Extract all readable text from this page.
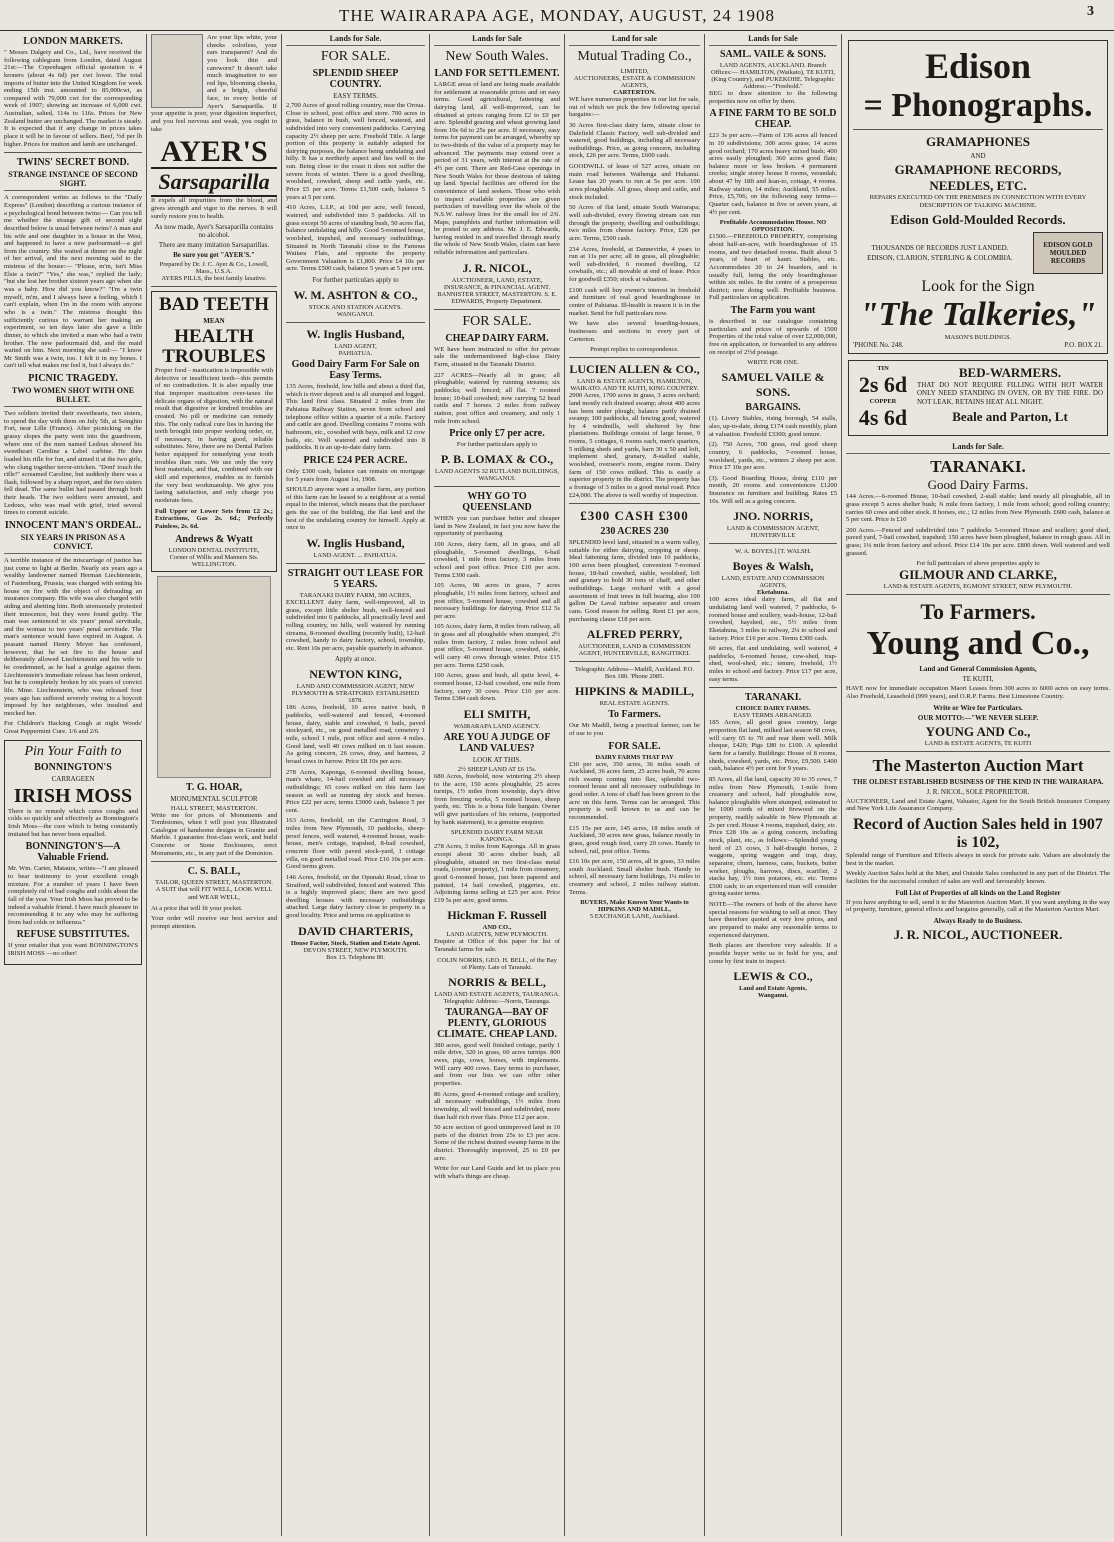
THE WAIRARAPA AGE, MONDAY, AUGUST, 24 1908	3
LONDON MARKETS.

" Messrs Dalgety and Co., Ltd., have received the following cablegram from London, dated August 21st:—The Copenhagen official quotation is 4 kroners (about 4s 6d) per cwt lower. The total imports of butter into the United Kingdom for week ending 15th inst. amounted to 85,000cwt, as compared with 79,000 cwt for the corresponding week of 1907; showing an increase of 6,000 cwt. Australian, salted, 114s to 116s. Prices for New Zealand butter are unchanged. The market is steady. It is expected that if any change in prices takes place it will be in favour of sellers. Beef, ½d per lb higher. Prices for mutton and lamb are unchanged.

TWINS' SECRET BOND.
STRANGE INSTANCE OF SECOND SIGHT.

A correspondent writes as follows to the "Daily Express" (London) describing a curious instance of a psychological bond between twins:— Can you tell me whether the strange gift of second sight described below is usual between twins? A man and his wife and one daughter in a house in the West, and happened to have a new parlourmaid—a girl from the country. She waited at dinner on the night of her arrival, and the next morning said to the mistress of the house:— "Please, m'm, isn't Miss Elsie a twin?" "Yes," she was," replied the lady; "but she lost her brother sixteen years ago when she was a baby. How did you know?" "I'm a twin myself, m'm, and I always have a feeling, which I can't explain, when I'm in the room with anyone who is a twin." The mistress thought this sufficiently curious to warrant her making an experiment, so ten days later she gave a little dinner, to which she invited a man who had a twin brother. The new parlourmaid did, and the maid waited on him. Next morning she said:— "I know Mr Smith was a twin, too. I felt it in my bones. I can't tell what makes me feel it, but I always do."

PICNIC TRAGEDY.
TWO WOMEN SHOT WITH ONE BULLET.

Two soldiers invited their sweethearts, two sisters, to spend the day with them on July 5th, at Seinghin Fort, near Lille (France). After picnicking on the grassy slopes the party went into the guardroom, where one of the men named Ledoux showed his sweetheart Caroline a Lebel carbine. He then loaded his rifle for fun, and aimed it at the two girls, who clung together terror-stricken. "Dont' touch the rifle!" screamed Caroline, but suddenly there was a flash, followed by a sharp report, and the two sisters fell dead. The same bullet had passed through both their heads. The two soldiers were arrested, and Ledoux, who was mad with grief, tried several times to commit suicide.

INNOCENT MAN'S ORDEAL.
SIX YEARS IN PRISON AS A CONVICT.

A terrible instance of the miscarriage of justice has just come to light at Berlin. Nearly six years ago a wealthy landowner named Herman Liechtenstein, of Fastenburg, Prussia, was charged with setting his house on fire with the object of defrauding an insurance company. His wife was also charged with aiding and abetting him. Both strenuously protested their innocence, but they were found guilty. The man was sentenced to six years' penal servitude, and the woman to two years' penal servitude. The man's sentence would have expired in August. A peasant named Henry Meyer has confessed, however, that he set fire to the house and deliberately allowed Liechtenstein and his wife to be condemned, as he had a grudge against them. Liechtenstein's immediate release has been ordered, but he is completely broken by six years of convict life. Mme. Liechtenstein, who was released four years ago has suffered severely owing to a boycott imposed by her neighbours, who insulted and mocked her.

For Children's Hacking Cough at night Woods' Great Peppermint Cure. 1/6 and 2/6.

Pin Your Faith to
BONNINGTON'S
CARRAGEEN
IRISH MOSS

There is no remedy which cures coughs and colds so quickly and effectively as Bonnington's Irish Moss—the cure which is being constantly imitated but has never been equalled.

BONNINGTON'S—A Valuable Friend.

Mr. Wm. Carter, Mataura, writes—"I am pleased to bear testimony to your excellent cough mixture. For a number of years I have been completely rid of bad coughs and colds about the fall of the year. Your Irish Moss has proved to be indeed a valuable friend. I have much pleasure in recommending it to any who may be suffering from bad colds or influenza."

REFUSE SUBSTITUTES.

If your retailer that you want BONNINGTON'S IRISH MOSS —no other!

Are your lips white, your cheeks colorless, your ears transparent? And do you look thin and careworn? It doesn't take much imagination to see red lips, blooming cheeks, and a bright, cheerful face, in every bottle of Ayer's Sarsaparilla. If your appetite is poor, your digestion imperfect, and you feel nervous and weak, you ought to take

AYER'S
Sarsaparilla

It expels all impurities from the blood, and gives strength and vigor to the nerves. It will surely restore you to health.

As now made, Ayer's Sarsaparilla contains no alcohol.
There are many imitation Sarsaparillas.
Be sure you get "AYER'S."
Prepared by Dr. J. C. Ayer & Co., Lowell, Mass., U.S.A.
AYERS PILLS, the best family laxative.
BAD TEETH
MEAN
HEALTH
TROUBLES

Proper food - mastication is impossible with defective or insufficient teeth—this permits of no contradiction. It is also equally true that improper mastication over-taxes the delicate organs of digestion, with the natural result that digestive or kindred troubles are created. No pill or medicine can remedy this. The only radical cure lies in having the teeth brought into proper working order, or, if necessary, in having good, reliable substitutes. Now, there are no Dental Parlors better equipped for remedying your tooth troubles than ours. We use only the very best materials, and that, combined with our skill and experience, enables us to furnish the very best workmanship. We give you lasting satisfaction, and only charge you moderate fees.

Full Upper or Lower Sets from £2 2s.; Extractions, Gas 2s. 6d.; Perfectly Painless, 2s. 6d.

Andrews & Wyatt
LONDON DENTAL INSTITUTE,
Corner of Willis and Manners Sts. WELLINGTON.
T. G. HOAR,
MONUMENTAL SCULPTOR
HALL STREET, MASTERTON.

Write me for prices of Monuments and Tombstones, when I will post you Illustrated Catalogue of handsome designs in Granite and Marble. I guarantee first-class work, and build Concrete or Stone Enclosures, erect Monuments, etc., in any part of the Dominion.

C. S. BALL,
TAILOR, QUEEN STREET, MASTERTON.

A SUIT that will FIT WELL, LOOK WELL and WEAR WELL,

At a price that will fit your pocket.

Your order will receive our best service and prompt attention.

Lands for Sale.
FOR SALE.
SPLENDID SHEEP COUNTRY.
EASY TERMS.

2,700 Acres of good rolling country, near the Oroua. Close to school, post office and store. 700 acres in grass, balance in bush, well fenced, watered, and subdivided into very convenient paddocks. Carrying capacity 2½ sheep per acre. Freehold Title. A large portion of this property is suitably adapted for dairying purposes, the balance being undulating and hilly. It has a northerly aspect and lies well to the sun. Being close to the coast it does not suffer the severe frosts of winter. There is a good dwelling, woolshed, cowshed, sheep and cattle yards, etc. Price £5 per acre. Terms £1,500 cash, balance 5 years at 5 per cent.

410 Acres, L.I.P., at 10d per acre, well fenced, watered, and subdivided into 5 paddocks. All in grass except 50 acres of standing bush, 50 acres flat, balance undulating and hilly. Good 5-roomed house, woolshed, trapshed, and necessary outbuildings. Situated in North Taranaki close to the Famous Waitara Flats, and opposite the property Government Valuation is £1,800. Price £4 10s per acre. Terms £500 cash, balance 5 years at 5 per cent.

For further particulars apply to
W. M. ASHTON & CO.,
STOCK AND STATION AGENTS.
WANGANUI.
W. Inglis Husband,
LAND AGENT,
PAHIATUA.
Good Dairy Farm For Sale on Easy Terms.

135 Acres, freehold, low hills and about a third flat, which is river deposit and is all stumped and logged. This land first class. Situated 2 miles from the Pahiatua Railway Station, seven from school and telephone office within a quarter of a mile. Factory and cattle are good. Dwelling contains 7 rooms with bathroom, etc., cowshed with bays, milk and 12 cow bails, etc. Well watered and subdivided into 8 paddocks. It is an up-to-date dairy farm.

PRICE £24 PER ACRE.

Only £300 cash, balance can remain on mortgage for 5 years from August 1st, 1908.

SHOULD anyone want a smaller farm, any portion of this farm can be leased to a neighbour at a rental equal to the interest, which means that the purchaser gets the use of the building, the flat land and the best of the undulating country for himself. Apply at once to

W. Inglis Husband,
LAND AGENT. ... PAHIATUA.
STRAIGHT OUT LEASE FOR 5 YEARS.
TARANAKI DAIRY FARM, 380 ACRES,

EXCELLENT dairy farm, well-improved, all in grass, except little shelter bush, well-fenced and subdivided into 6 paddocks, all practically level and rolling country, no hills, well watered by running streams, 8-roomed dwelling (recently built), 12-bail cowshed, handy to dairy factory, school, township, etc. Rent 10s per acre, payable quarterly in advance.

Apply at once.
NEWTON KING,
LAND AND COMMISSION AGENT, NEW PLYMOUTH & STRATFORD. ESTABLISHED 1878.

186 Acres, freehold, 10 acres native bush, 8 paddocks, well-watered and fenced, 4-roomed house, dairy, stable and cowshed, 6 bails, paved stockyard, etc., on good metalled road, cemetery 1 mile, school 1 mile, post office and store 4 miles. Good land, well 40 cows milked on it last season. As going concern, 26 cows, dray, and harness, 2 broad cows in furrow. Price £8 10s per acre.

278 Acres, Kaponga, 6-roomed dwelling house, man's whare, 14-bail cowshed and all necessary outbuildings; 65 cows milked on this farm last season as well as running dry stock and horses. Price £22 per acre, terms £3000 cash, balance 5 per cent.

163 Acres, freehold, on the Carrington Road, 3 miles from New Plymouth, 10 paddocks, sheep-proof fences, well watered, 4-roomed house, wash-house, men's cottage, trapshed, 8-bail cowshed, concrete floor with paved stock-yard, 1 cottage villa, on good metalled road. Price £16 10s per acre. Good terms given.

146 Acres, freehold, on the Opunaki Road, close to Stratford, well subdivided, fenced and watered. This is a highly improved place; there are two good dwelling houses with necessary outbuildings attached. Large dairy factory close to property in a good locality. Price and terms on application to

DAVID CHARTERIS,
House Factor, Stock, Station and Estate Agent.
DEVON STREET, NEW PLYMOUTH.
Box 13. Telephone 80.
Lands for Sale
New South Wales.
LAND FOR SETTLEMENT.

LARGE areas of land are being made available for settlement at reasonable prices and on easy terms. Good agricultural, fattening and dairying land, all well-improved, can be obtained at prices ranging from £2 to £9 per acre. Splendid grazing and wheat growing land from 10s 6d to 25s per acre. If necessary, easy terms for payment can be arranged, whereby up to two-thirds of the value of a property may be advanced. The payments may extend over a period of 31 years, with interest at the rate of 4½ per cent. There are Red-Case openings in New South Wales for those desirous of taking up land. Special facilities are offered for the convenience of land seekers. Those who wish to inspect available properties are given particulars of travelling over the whole of the N.S.W. railway lines for the small fee of 2/6. Maps, pamphlets and further information will be posted to any address. Mr. J. E. Edwards, having resided in and travelled through nearly the whole of New South Wales, claim can have reliable information and particulars.

J. R. NICOL,
AUCTIONEER, LAND, ESTATE, INSURANCE, & FINANCIAL AGENT.
BANNISTER STREET, MASTERTON. S. E. EDWARDS, Property Department.
FOR SALE.
CHEAP DAIRY FARM.

WE have been instructed to offer for private sale the undermentioned high-class Dairy Farm, situated in the Taranaki District.

227 ACRES—Nearly all in grass; all ploughable; watered by running streams; six paddocks; well fenced; all flat. 7 roomed house; 10-bail cowshed; now carrying 52 head cattle and 7 horses. 2 miles from railway station, post office and creamery, and only 1 mile from school.

Price only £7 per acre.
For further particulars apply to
P. B. LOMAX & CO.,
LAND AGENTS 32 RUTLAND BUILDINGS, WANGANUI.
WHY GO TO QUEENSLAND

WHEN you can purchase better and cheaper land in New Zealand, in fact you now have the opportunity of purchasing

100 Acres, dairy farm, all in grass, and all ploughable, 5-roomed dwellings, 6-bail cowshed, 1 mile from factory, 3 miles from school and post office. Price £10 per acre. Terms £300 cash.

105 Acres, 98 acres in grass, 7 acres ploughable, 1½ miles from factory, school and post office, 5-roomed house, cowshed and all necessary buildings for dairying. Price £12 5s per acre.

105 Acres, dairy farm, 8 miles from railway, all in grass and all ploughable when stumped, 2½ miles from factory, 2 miles from school and post office, 5-roomed house, cowshed, stable, will carry 40 cows through winter. Price £15 per acre. Terms £250 cash.

100 Acres, grass and bush, all quite level, 4-roomed house, 12-bail cowshed, one mile from factory, carry 30 cows. Price £10 per acre. Terms £384 cash down.

ELI SMITH,
WAIRARAPA LAND AGENCY.
ARE YOU A JUDGE OF LAND VALUES?
LOOK AT THIS.
2½ SHEEP LAND AT £6 15s.

680 Acres, freehold, now wintering 2½ sheep to the acre, 150 acres ploughable, 25 acres turnips, 1½ miles from township, day's drive from freezing works, 5 roomed house, sheep yards, etc. This is a bona fide bargain. Owner will give particulars of his returns, (supported by bank statement), to a genuine enquirer.

SPLENDID DAIRY FARM NEAR KAPONGA.

278 Acres, 3 miles from Kaponga. All in grass except about 30 acres shelter bush, all ploughable, situated on two first-class metal roads, (corner property), 1 mile from creamery, good 6-roomed house, just been papered and painted, 14 bail cowshed, piggeries, etc. Adjoining farms selling at £25 per acre. Price £19 5s per acre, good terms.

Hickman F. Russell
AND CO.,
LAND AGENTS, NEW PLYMOUTH.

Enquire at Office of this paper for list of Taranaki farms for sale.

COLIN NORRIS, GEO. H. BELL, of the Bay of Plenty. Late of Taranaki.
NORRIS & BELL,
LAND AND ESTATE AGENTS, TAURANGA. Telegraphic Address:—Norris, Tauranga.
TAURANGA—BAY OF PLENTY, GLORIOUS CLIMATE. CHEAP LAND.

380 acres, good well finished cottage, partly 1 mile drive, 320 in grass, 60 acres turnips. 800 ewes, pigs, cows, horses, with implements. Will carry 400 cows. Easy terms to purchaser, and from our lists we can offer other properties.

86 Acres, good 4-roomed cottage and scullery, all necessary outbuildings, 1½ miles from township, all well fenced and subdivided, more than half rich river flats. Price £12 per acre.

50 acre section of good unimproved land in 10 parts of the district from 25s to £3 per acre. Some of the richest drained swamp farms in the district. Thoroughly improved, 25 to £0 per acre.

Write for our Land Guide and let us place you with what's things are cheap.

Land for sale
Mutual Trading Co.,
LIMITED,
AUCTIONEERS, ESTATE & COMMISSION AGENTS,
CARTERTON.

WE have numerous properties in our list for sale, out of which we pick the few following special bargains:—

30 Acres first-class dairy farm, situate close to Dalefield Classic Factory, well sub-divided and watered, good buildings, including all necessary outbuildings. Price, as going concern, including stock, £26 per acre. Terms, £600 cash.

GOODWILL of lease of 527 acres, situate on main road between Waihenga and Hukanui. Lease has 20 years to run at 5s per acre. 100 acres ploughable. All grass, sheep and cattle, and stock included.

50 Acres of flat land, situate South Wairarapa; well sub-divided, every flowing stream can run through the property, dwelling and outbuildings; two miles from cheese factory. Price, £26 per acre. Terms, £500 cash.

234 Acres, freehold, at Dannevirke, 4 years to run at 11s per acre; all in grass, all ploughable; well sub-divided, 6 roomed dwelling, 12 cowbails, etc.; all movable at end of lease. Price for goodwill £350; stock at valuation.

£100 cash will buy owner's interest in freehold and furniture of real good boardinghouse in centre of Pahiatua. Ill-health is reason it is in the market. Send for full particulars now.

We have also several boarding-houses, businesses and sections in every part of Carterton.

Prompt replies to correspondence.
LUCIEN ALLEN & CO.,
LAND & ESTATE AGENTS, HAMILTON, WAIKATO. AND TE KUITI, KING COUNTRY.

2900 Acres, 1700 acres in grass, 3 acres orchard; land mostly rich drained swamp; about 400 acres has been under plough; balance partly drained swamp; 100 paddocks, all fencing good, watered by 4 windmills, well sheltered by fine plantations. Buildings consist of large house, 9 rooms, 5 cottages, 6 rooms each, men's quarters, 5 milking sheds and yards, barn 30 x 50 and loft, implement shed, granary, 8-stalled stable, woolshed, overseer's room, engine room. Dairy farm of 150 cows milked. This is easily a superior property in the district. The property has a frontage of 3 miles to a good metal road. Price £24,000. The above is well worthy of inspection.

£300 CASH £300
230 ACRES 230

SPLENDID level land, situated in a warm valley, suitable for either dairying, cropping or sheep. Ideal fattening farm, divided into 10 paddocks, 100 acres been ploughed, convenient 7-roomed house, 18-bail cowshed, stable, woolshed, loft and granary to hold 30 tons of chaff, and other outbuildings. Large orchard with a good assortment of fruit trees in full bearing, also 100 gallon De Laval turbine separator and cream cans. Good reason for selling. Rent £1 per acre, purchasing clause £18 per acre.

ALFRED PERRY,
AUCTIONEER, LAND & COMMISSION AGENT, HUNTERVILLE, RANGITIKEI.
Telegraphic Address—Madill, Auckland. P.O. Box 180. 'Phone 2085.
HIPKINS & MADILL,
REAL ESTATE AGENTS.
To Farmers.

Our Mr Madill, being a practical farmer, can be of use to you

FOR SALE.
DAIRY FARMS THAT PAY

£30 per acre, 350 acres, 36 miles south of Auckland, 36 acres farm, 25 acres bush, 70 acres rich swamp coming into flax, splendid two-roomed house and all necessary outbuildings in good order. A tons of chaff has been grown to the acre on this farm. Terms can be arranged. This property is well known to us and can be recommended.

£15 15s per acre, 145 acres, 18 miles south of Auckland, 30 acres new grass, balance mostly in grass, good rough feed, carry 20 cows. Handy to school, rail, post office. Terms.

£16 10s per acre, 150 acres, all in grass, 33 miles south Auckland. Small shelter bush. Handy to school, all necessary farm buildings, 1¼ miles to creamery and school, 2 miles railway station. Terms.

BUYERS, Make Known Your Wants to HIPKINS AND MADILL,
5 EXCHANGE LANE, Auckland.
Lands for Sale
SAML. VAILE & SONS.
LAND AGENTS, AUCKLAND. Branch Offices:— HAMILTON, (Waikato), TE KUITI, (King Country), and PUKEKOHE. Telegraphic Address:—"Freehold."

BEG to draw attention to the following properties now on offer by them.

A FINE FARM TO BE SOLD CHEAP.

£23 3s per acre.—Farm of 136 acres all fenced in 10 subdivisions; 300 acres grass; 14 acres good orchard; 170 acres heavy mixed bush; 400 acres easily ploughed; 360 acres good flats; balance more or less broken. 4 permanent creeks; single storey house 8 rooms, verandah; about 47 by 18ft and lean-to, cottage, 4 rooms. Railway station, 14 miles; Auckland, 55 miles. Price, £5,706; on the following easy terms—Quarter cash, balance in five or seven years, at 4½ per cent.

Profitable Accommodation House. NO OPPOSITION.

£1500.—FREEHOLD PROPERTY, comprising about half-an-acre, with boardinghouse of 15 rooms, and two detached rooms. Built about 5 years, of heart of kauri. Stables, etc. Accommodates 20 to 24 boarders, and is usually full, being the only boardinghouse within six miles. In the centre of a prosperous district; now doing well. Profitable business. Full particulars on application.

The Farm you want

is described in our catalogue containing particulars and prices of upwards of 1500 Properties of the total value of over £2,000,000, free on application, or forwarded to any address on receipt of 2½d postage.

WRITE FOR ONE.
SAMUEL VAILE & SONS.
BARGAINS.

(1). Livery Stables, rising borough, 54 stalls, also, up-to-date, doing £174 cash monthly, plant at valuation. Freehold £3300; good tenure.

(2). 750 Acres, 700 grass, real good sheep country, 6 paddocks, 7-roomed house, woolshed, yards, etc., winters 2 sheep per acre. Price £7 10s per acre.

(3). Good Boarding House, doing £110 per month, 20 rooms and conveniences £1200 Insurance on furniture and building. Rates £5 10s. Will sell as a going concern.

JNO. NORRIS,
LAND & COMMISSION AGENT, HUNTERVILLE
W. A. BOYES.] [T. WALSH.
Boyes & Walsh,
LAND, ESTATE AND COMMISSION AGENTS,
Eketahuna.

100 acres ideal dairy farm, all flat and undulating land well watered, 7 paddocks, 6-roomed house and scullery, wash-house, 12-bail cowshed, hayshed, etc., 5½ miles from Eketahuna, 3 miles to railway, 2¼ to school and factory. Price £16 per acre. Terms £300 cash.

60 acres, flat and undulating, well watered, 4 paddocks, 6-roomed house, cow-shed, trap-shed, wool-shed, etc.; tenure, freehold, 1½ miles to school and factory. Price £17 per acre, easy terms.

TARANAKI.
CHOICE DAIRY FARMS.
EASY TERMS ARRANGED.

185 Acres, all good grass country, large proportion flat land, milked last season 68 cows, will carry 65 to 70 and rear them well. Milk cheque, £420; Pigs £80 to £100. A splendid farm for a family. Buildings: House of 8 rooms, sheds, cowshed, yards, etc. Price, £9,500. £400 cash, balance 4½ per cent for 9 years.

85 Acres, all flat land, capacity 30 to 35 cows, 7 miles from New Plymouth, 1-mile from creamery and school, half ploughable now, balance ploughable when stumped, estimated to be 1000 cords of mixed firewood on the property, readily saleable in New Plymouth at 2s per cord. House 4 rooms, trapshed, dairy, etc. Price £28 10s as a going concern, including stock, plant, etc., as follows:—Splendid young herd of 23 cows, 3 half-draught horses, 2 waggons, spring waggon and trap, dray, separator, churn, harness, cans, buckets, butter worker, ploughs, harrows, discs, scarifier, 2 stacks hay, 1½ tons potatoes, etc. etc. Terms £500 cash; to an experienced man will consider giving easier terms.

NOTE—The owners of both of the above have special reasons for wishing to sell at once. They have therefore quoted at very low prices, and are prepared to make any reasonable terms to experienced dairymen.

Both places are therefore very saleable. If a possible buyer write us to hold for you, and come by first train to inspect.

LEWIS & CO.,
Land and Estate Agents,
Wanganui.
Edison
= Phonographs.
GRAMAPHONES
AND
GRAMAPHONE RECORDS,
NEEDLES, ETC.

REPAIRS EXECUTED ON THE PREMISES IN CONNECTION WITH EVERY DESCRIPTION OF TALKING MACHINE.

Edison Gold-Moulded Records.
THOUSANDS OF RECORDS JUST LANDED.
EDISON, CLARION, STERLING & COLOMBIA.
EDISON GOLD MOULDED RECORDS
Look for the Sign
"The Talkeries,"
MASON'S BUILDINGS.
'PHONE No. 248.	P.O. BOX 21.
TIN
2s 6d
COPPER
4s 6d
BED-WARMERS.

THAT DO NOT REQUIRE FILLING WITH HOT WATER ONLY NEED STANDING IN OVEN, OR BY THE FIRE. DO NOT LEAK. RETAINS HEAT ALL NIGHT.

Beale and Parton, Lt
Lands for Sale.
TARANAKI.
Good Dairy Farms.

144 Acres.—6-roomed House, 10-bail cowshed, 2-stall stable; land nearly all ploughable, all in grass except 5 acres shelter bush; ¾ mile from factory, 1 mile from school; good rolling country; carries 60 cows and other stock. 8 horses, etc.; 12 miles from New Plymouth. £600 cash, balance at 5 per cent. Price is £10

200 Acres.—Fenced and subdivided into 7 paddocks 5-roomed House and scullery; good shed, paved yard, 7-bail cowshed, trapshed; 150 acres have been ploughed, balance in rough grass. All in grass; 1¼ mile from factory and school. Price £14 10s per acre. £800 down. Well watered and well grassed.

For full particulars of above properties apply to
GILMOUR AND CLARKE,
LAND & ESTATE AGENTS, EGMONT STREET, NEW PLYMOUTH.
To Farmers.
Young and Co.,
Land and General Commission Agents,
TE KUITI,

HAVE now for immediate occupation Maori Leases from 300 acres to 6000 acres on easy terms. Also Freehold, Leasehold (999 years), and O.R.P. Farms. Best Limestone Country.

Write or Wire for Particulars.
OUR MOTTO:—"WE NEVER SLEEP.
YOUNG AND Co.,
LAND & ESTATE AGENTS, TE KUITI
The Masterton Auction Mart
THE OLDEST ESTABLISHED BUSINESS OF THE KIND IN THE WAIRARAPA.
J. R. NICOL, SOLE PROPRIETOR.

AUCTIONEER, Land and Estate Agent, Valuator, Agent for the South British Insurance Company and New York Life Assurance Company.

Record of Auction Sales held in 1907 is 102,

Splendid range of Furniture and Effects always in stock for private sale. Values are absolutely the best in the market.

Weekly Auction Sales held at the Mart, and Outside Sales conducted in any part of the District. The facilities for the successful conduct of sales are well and favourably known.

Full List of Properties of all kinds on the Land Register

If you have anything to sell, send it to the Masterton Auction Mart. If you want anything in the way of property, furniture, general effects and bargains generally, call at the Masterton Auction Mart.

Always Ready to do Business.
J. R. NICOL, AUCTIONEER.
